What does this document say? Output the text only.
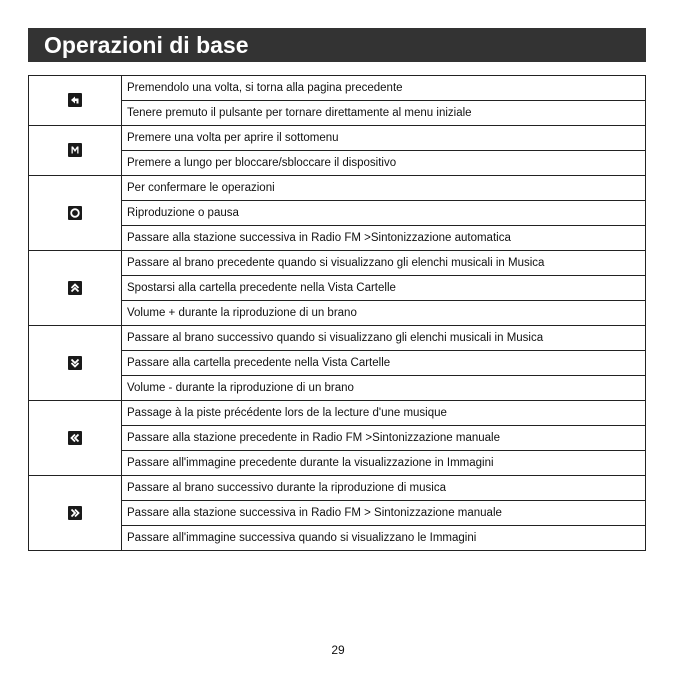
Operazioni di base
	Premendolo una volta, si torna alla pagina precedente
	Tenere premuto il pulsante per tornare direttamente al menu iniziale

	Premere una volta per aprire il sottomenu
	Premere a lungo per bloccare/sbloccare il dispositivo

	Per confermare le operazioni
	Riproduzione o pausa
	Passare alla stazione successiva in Radio FM >Sintonizzazione automatica

	Passare al brano precedente quando si visualizzano gli elenchi musicali in Musica
	Spostarsi alla cartella precedente nella Vista Cartelle
	Volume + durante la riproduzione di un brano

	Passare al brano successivo quando si visualizzano gli elenchi musicali in Musica
	Passare alla cartella precedente nella Vista Cartelle
	Volume - durante la riproduzione di un brano

	Passage à la piste précédente lors de la lecture d'une musique
	Passare alla stazione precedente in Radio FM >Sintonizzazione manuale
	Passare all'immagine precedente durante la visualizzazione in Immagini

	Passare al brano successivo durante la riproduzione di musica
	Passare alla stazione successiva in Radio FM > Sintonizzazione manuale
	Passare all'immagine successiva quando si visualizzano le Immagini
29
